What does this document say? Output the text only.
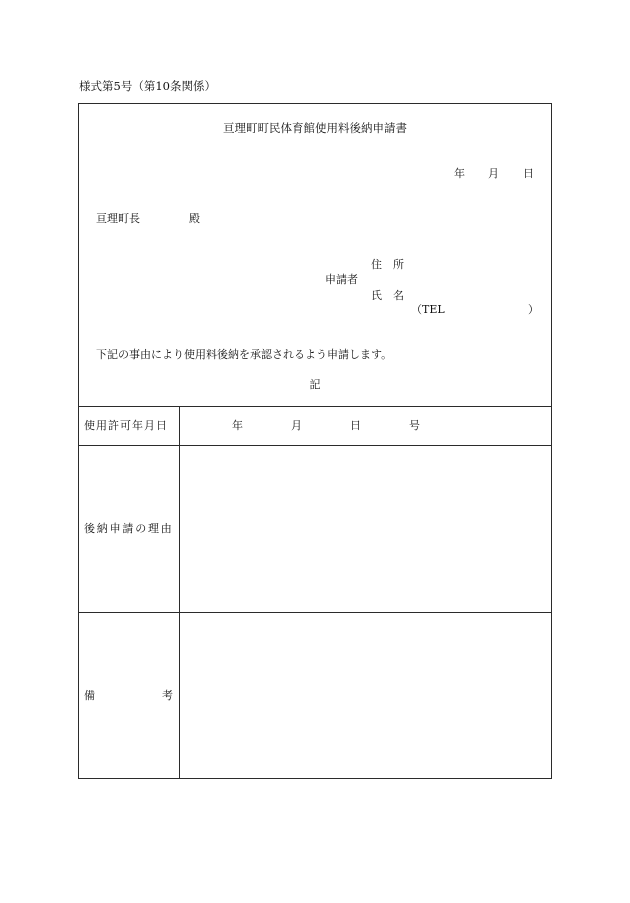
様式第5号（第10条関係）
亘理町町民体育館使用料後納申請書
年 月 日
亘理町長	殿
住　所
申請者
氏　名
（TEL	）
下記の事由により使用料後納を承認されるよう申請します。
記
使用許可年月日	年	月	日	号
後納申請の理由
備	考
